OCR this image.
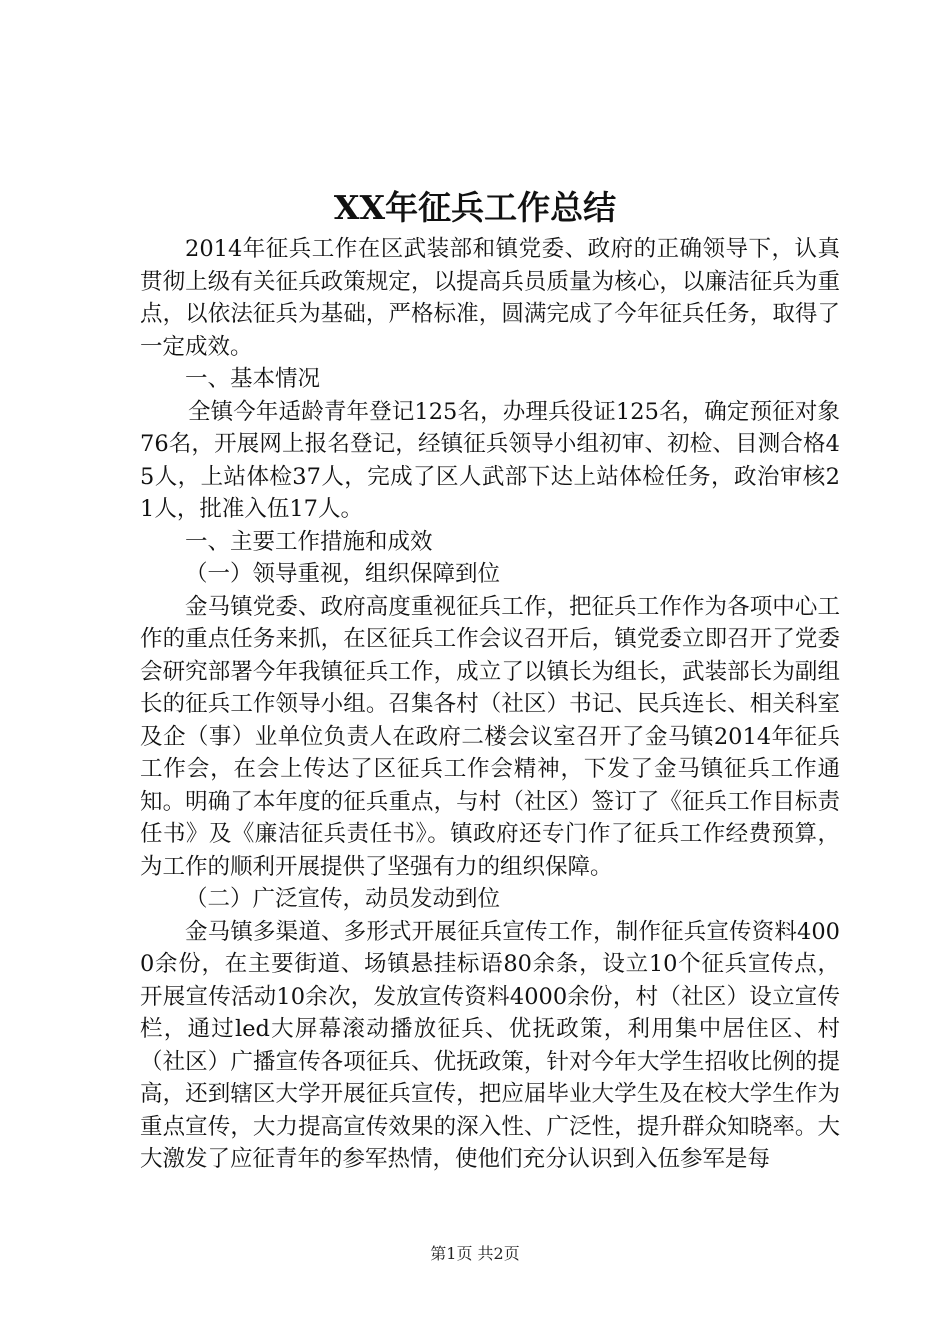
XX年征兵工作总结

2014年征兵工作在区武装部和镇党委、政府的正确领导下，认真贯彻上级有关征兵政策规定，以提高兵员质量为核心，以廉洁征兵为重点，以依法征兵为基础，严格标准，圆满完成了今年征兵任务，取得了一定成效。

一、基本情况

全镇今年适龄青年登记125名，办理兵役证125名，确定预征对象76名，开展网上报名登记，经镇征兵领导小组初审、初检、目测合格45人，上站体检37人，完成了区人武部下达上站体检任务，政治审核21人，批准入伍17人。

一、主要工作措施和成效

（一）领导重视，组织保障到位

金马镇党委、政府高度重视征兵工作，把征兵工作作为各项中心工作的重点任务来抓，在区征兵工作会议召开后，镇党委立即召开了党委会研究部署今年我镇征兵工作，成立了以镇长为组长，武装部长为副组长的征兵工作领导小组。召集各村（社区）书记、民兵连长、相关科室及企（事）业单位负责人在政府二楼会议室召开了金马镇2014年征兵工作会，在会上传达了区征兵工作会精神，下发了金马镇征兵工作通知。明确了本年度的征兵重点，与村（社区）签订了《征兵工作目标责任书》及《廉洁征兵责任书》。镇政府还专门作了征兵工作经费预算，为工作的顺利开展提供了坚强有力的组织保障。

（二）广泛宣传，动员发动到位

金马镇多渠道、多形式开展征兵宣传工作，制作征兵宣传资料4000余份，在主要街道、场镇悬挂标语80余条，设立10个征兵宣传点，开展宣传活动10余次，发放宣传资料4000余份，村（社区）设立宣传栏，通过led大屏幕滚动播放征兵、优抚政策，利用集中居住区、村（社区）广播宣传各项征兵、优抚政策，针对今年大学生招收比例的提高，还到辖区大学开展征兵宣传，把应届毕业大学生及在校大学生作为重点宣传，大力提高宣传效果的深入性、广泛性，提升群众知晓率。大大激发了应征青年的参军热情，使他们充分认识到入伍参军是每

第1页 共2页
